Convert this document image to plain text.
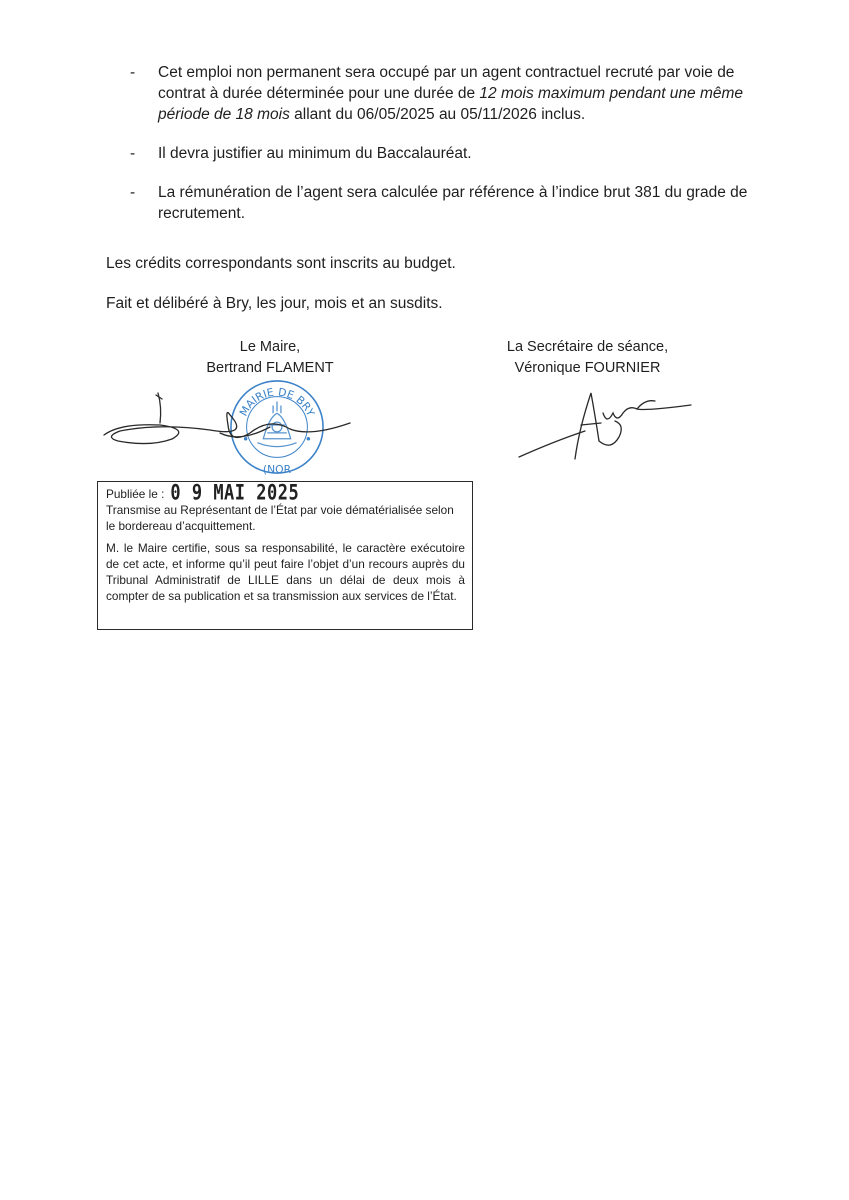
- Cet emploi non permanent sera occupé par un agent contractuel recruté par voie de contrat à durée déterminée pour une durée de 12 mois maximum pendant une même période de 18 mois allant du 06/05/2025 au 05/11/2026 inclus.
- Il devra justifier au minimum du Baccalauréat.
- La rémunération de l’agent sera calculée par référence à l’indice brut 381 du grade de recrutement.
Les crédits correspondants sont inscrits au budget.
Fait et délibéré à Bry, les jour, mois et an susdits.
Le Maire,
Bertrand FLAMENT
La Secrétaire de séance,
Véronique FOURNIER
MAIRIE DE BRY
(NOR
Publiée le : 0 9 MAI 2025

Transmise au Représentant de l’État par voie dématérialisée selon le bordereau d’acquittement.

M. le Maire certifie, sous sa responsabilité, le caractère exécutoire de cet acte, et informe qu’il peut faire l’objet d’un recours auprès du Tribunal Administratif de LILLE dans un délai de deux mois à compter de sa publication et sa transmission aux services de l’État.
